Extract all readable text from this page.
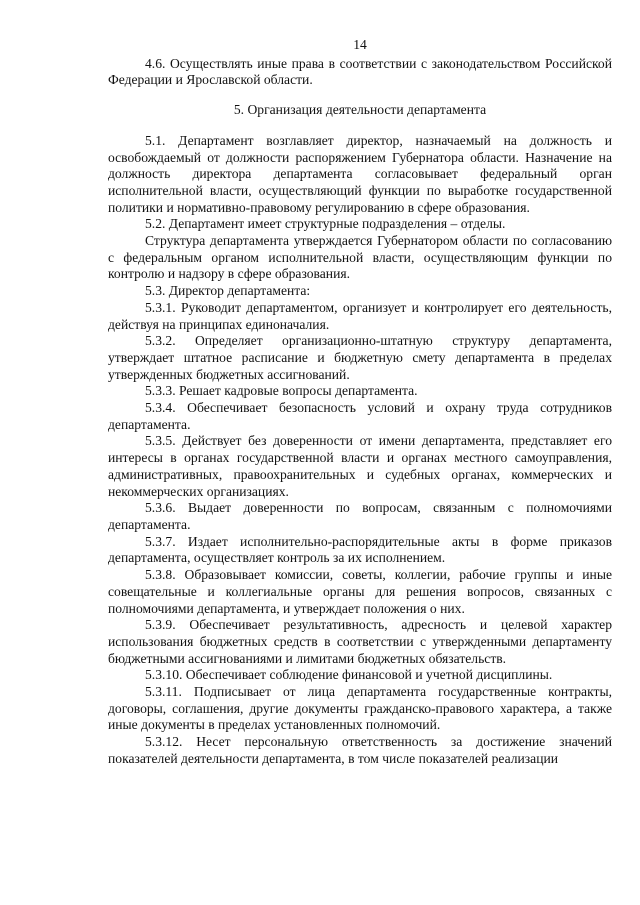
14

4.6. Осуществлять иные права в соответствии с законодательством Российской Федерации и Ярославской области.

5. Организация деятельности департамента

5.1. Департамент возглавляет директор, назначаемый на должность и освобождаемый от должности распоряжением Губернатора области. Назначение на должность директора департамента согласовывает федеральный орган исполнительной власти, осуществляющий функции по выработке государственной политики и нормативно-правовому регулированию в сфере образования.

5.2. Департамент имеет структурные подразделения – отделы.

Структура департамента утверждается Губернатором области по согласованию с федеральным органом исполнительной власти, осуществляющим функции по контролю и надзору в сфере образования.

5.3. Директор департамента:

5.3.1. Руководит департаментом, организует и контролирует его деятельность, действуя на принципах единоначалия.

5.3.2. Определяет организационно-штатную структуру департамента, утверждает штатное расписание и бюджетную смету департамента в пределах утвержденных бюджетных ассигнований.

5.3.3. Решает кадровые вопросы департамента.

5.3.4. Обеспечивает безопасность условий и охрану труда сотрудников департамента.

5.3.5. Действует без доверенности от имени департамента, представляет его интересы в органах государственной власти и органах местного самоуправления, административных, правоохранительных и судебных органах, коммерческих и некоммерческих организациях.

5.3.6. Выдает доверенности по вопросам, связанным с полномочиями департамента.

5.3.7. Издает исполнительно-распорядительные акты в форме приказов департамента, осуществляет контроль за их исполнением.

5.3.8. Образовывает комиссии, советы, коллегии, рабочие группы и иные совещательные и коллегиальные органы для решения вопросов, связанных с полномочиями департамента, и утверждает положения о них.

5.3.9. Обеспечивает результативность, адресность и целевой характер использования бюджетных средств в соответствии с утвержденными департаменту бюджетными ассигнованиями и лимитами бюджетных обязательств.

5.3.10. Обеспечивает соблюдение финансовой и учетной дисциплины.

5.3.11. Подписывает от лица департамента государственные контракты, договоры, соглашения, другие документы гражданско-правового характера, а также иные документы в пределах установленных полномочий.

5.3.12. Несет персональную ответственность за достижение значений показателей деятельности департамента, в том числе показателей реализации
